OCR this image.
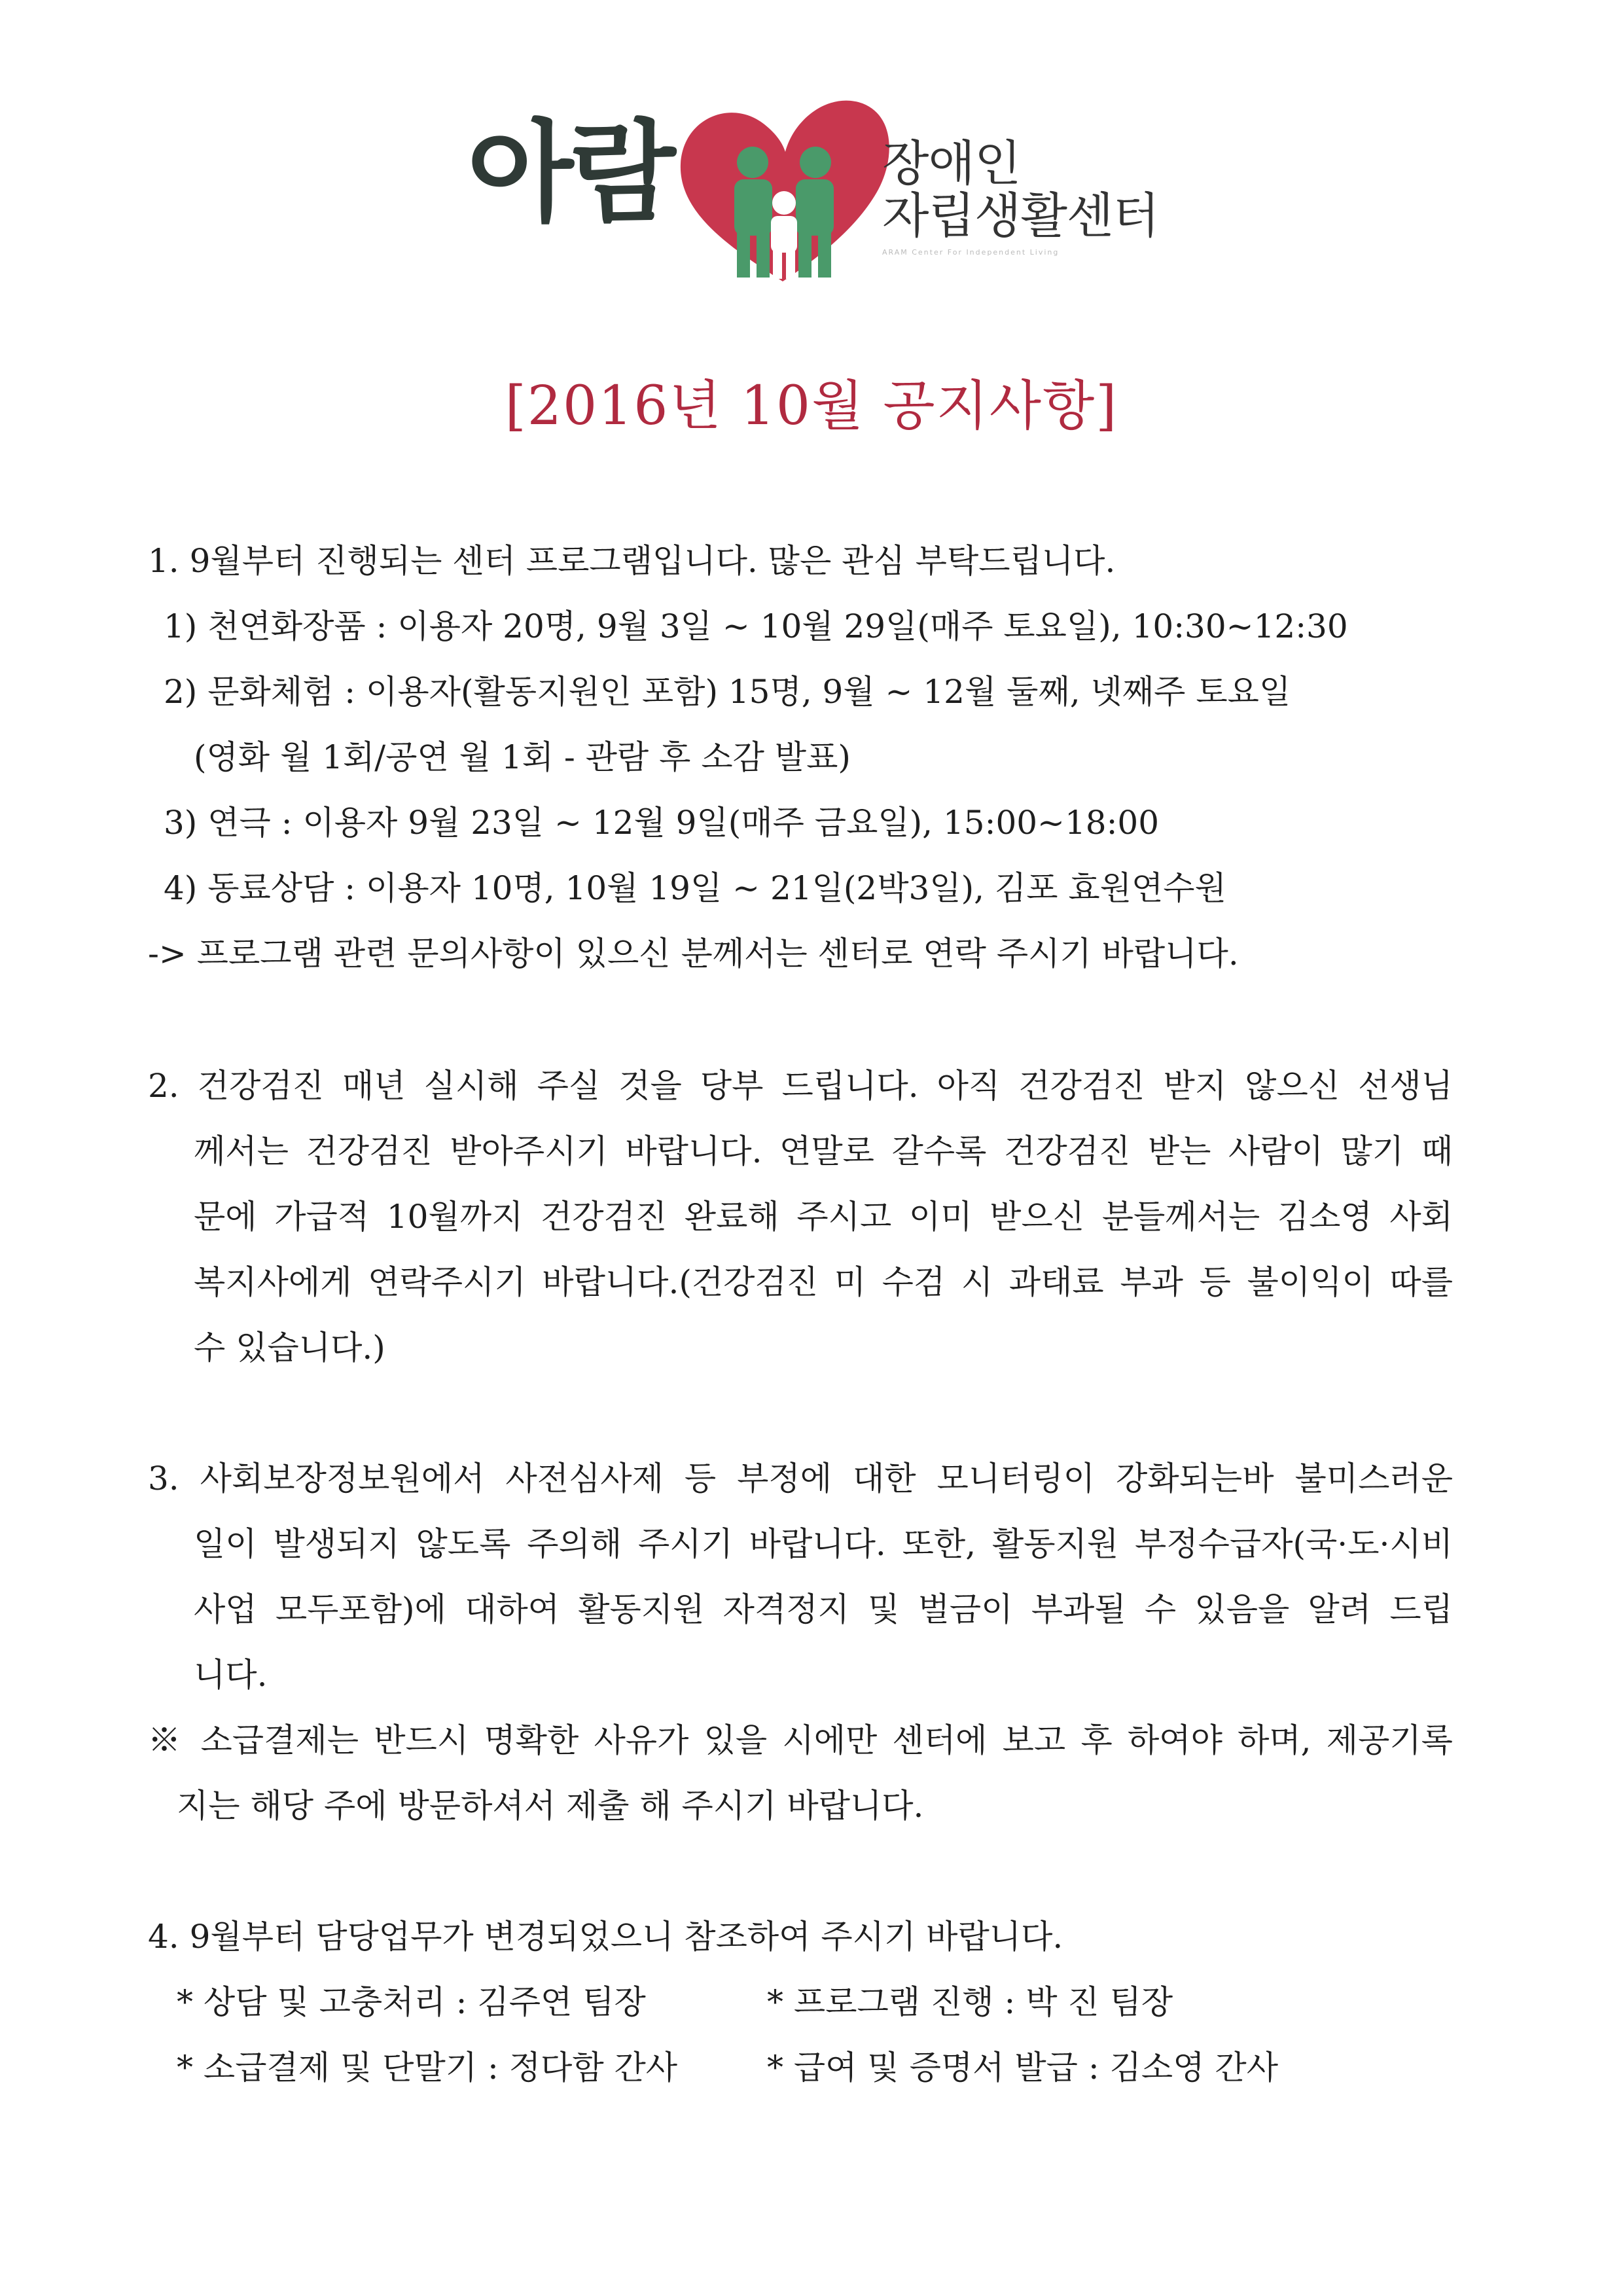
아람	장애인
자립생활센터
ARAM Center For Independent Living
[2016년 10월 공지사항]
1. 9월부터 진행되는 센터 프로그램입니다. 많은 관심 부탁드립니다.
1) 천연화장품 : 이용자 20명, 9월 3일 ~ 10월 29일(매주 토요일), 10:30~12:30
2) 문화체험 : 이용자(활동지원인 포함) 15명, 9월 ~ 12월 둘째, 넷째주 토요일
(영화 월 1회/공연 월 1회 - 관람 후 소감 발표)
3) 연극 : 이용자 9월 23일 ~ 12월 9일(매주 금요일), 15:00~18:00
4) 동료상담 : 이용자 10명, 10월 19일 ~ 21일(2박3일), 김포 효원연수원
-> 프로그램 관련 문의사항이 있으신 분께서는 센터로 연락 주시기 바랍니다.
2. 건강검진 매년 실시해 주실 것을 당부 드립니다. 아직 건강검진 받지 않으신 선생님
께서는 건강검진 받아주시기 바랍니다. 연말로 갈수록 건강검진 받는 사람이 많기 때
문에 가급적 10월까지 건강검진 완료해 주시고 이미 받으신 분들께서는 김소영 사회
복지사에게 연락주시기 바랍니다.(건강검진 미 수검 시 과태료 부과 등 불이익이 따를
수 있습니다.)
3. 사회보장정보원에서 사전심사제 등 부정에 대한 모니터링이 강화되는바 불미스러운
일이 발생되지 않도록 주의해 주시기 바랍니다. 또한, 활동지원 부정수급자(국·도·시비
사업 모두포함)에 대하여 활동지원 자격정지 및 벌금이 부과될 수 있음을 알려 드립
니다.
※ 소급결제는 반드시 명확한 사유가 있을 시에만 센터에 보고 후 하여야 하며, 제공기록
지는 해당 주에 방문하셔서 제출 해 주시기 바랍니다.
4. 9월부터 담당업무가 변경되었으니 참조하여 주시기 바랍니다.
* 상담 및 고충처리 : 김주연 팀장	* 프로그램 진행 : 박 진 팀장
* 소급결제 및 단말기 : 정다함 간사	* 급여 및 증명서 발급 : 김소영 간사
